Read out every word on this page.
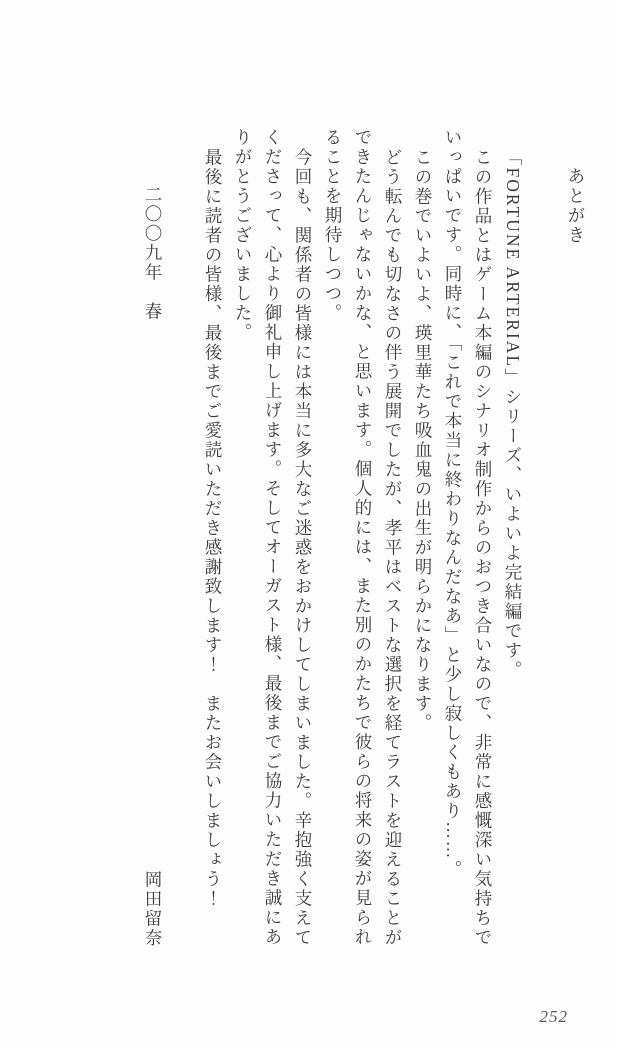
あとがき

「FORTUNE ARTERIAL」シリーズ、いよいよ完結編です。

この作品とはゲーム本編のシナリオ制作からのおつき合いなので、非常に感慨深い気持ちでいっぱいです。同時に、「これで本当に終わりなんだなあ」と少し寂しくもあり……。

この巻でいよいよ、瑛里華たち吸血鬼の出生が明らかになります。

どう転んでも切なさの伴う展開でしたが、孝平はベストな選択を経てラストを迎えることができたんじゃないかな、と思います。個人的には、また別のかたちで彼らの将来の姿が見られることを期待しつつ。

今回も、関係者の皆様には本当に多大なご迷惑をおかけしてしまいました。辛抱強く支えてくださって、心より御礼申し上げます。そしてオーガスト様、最後までご協力いただき誠にありがとうございました。

最後に読者の皆様、最後までご愛読いただき感謝致します！　またお会いしましょう！

二〇〇九年　春
岡田留奈

252
